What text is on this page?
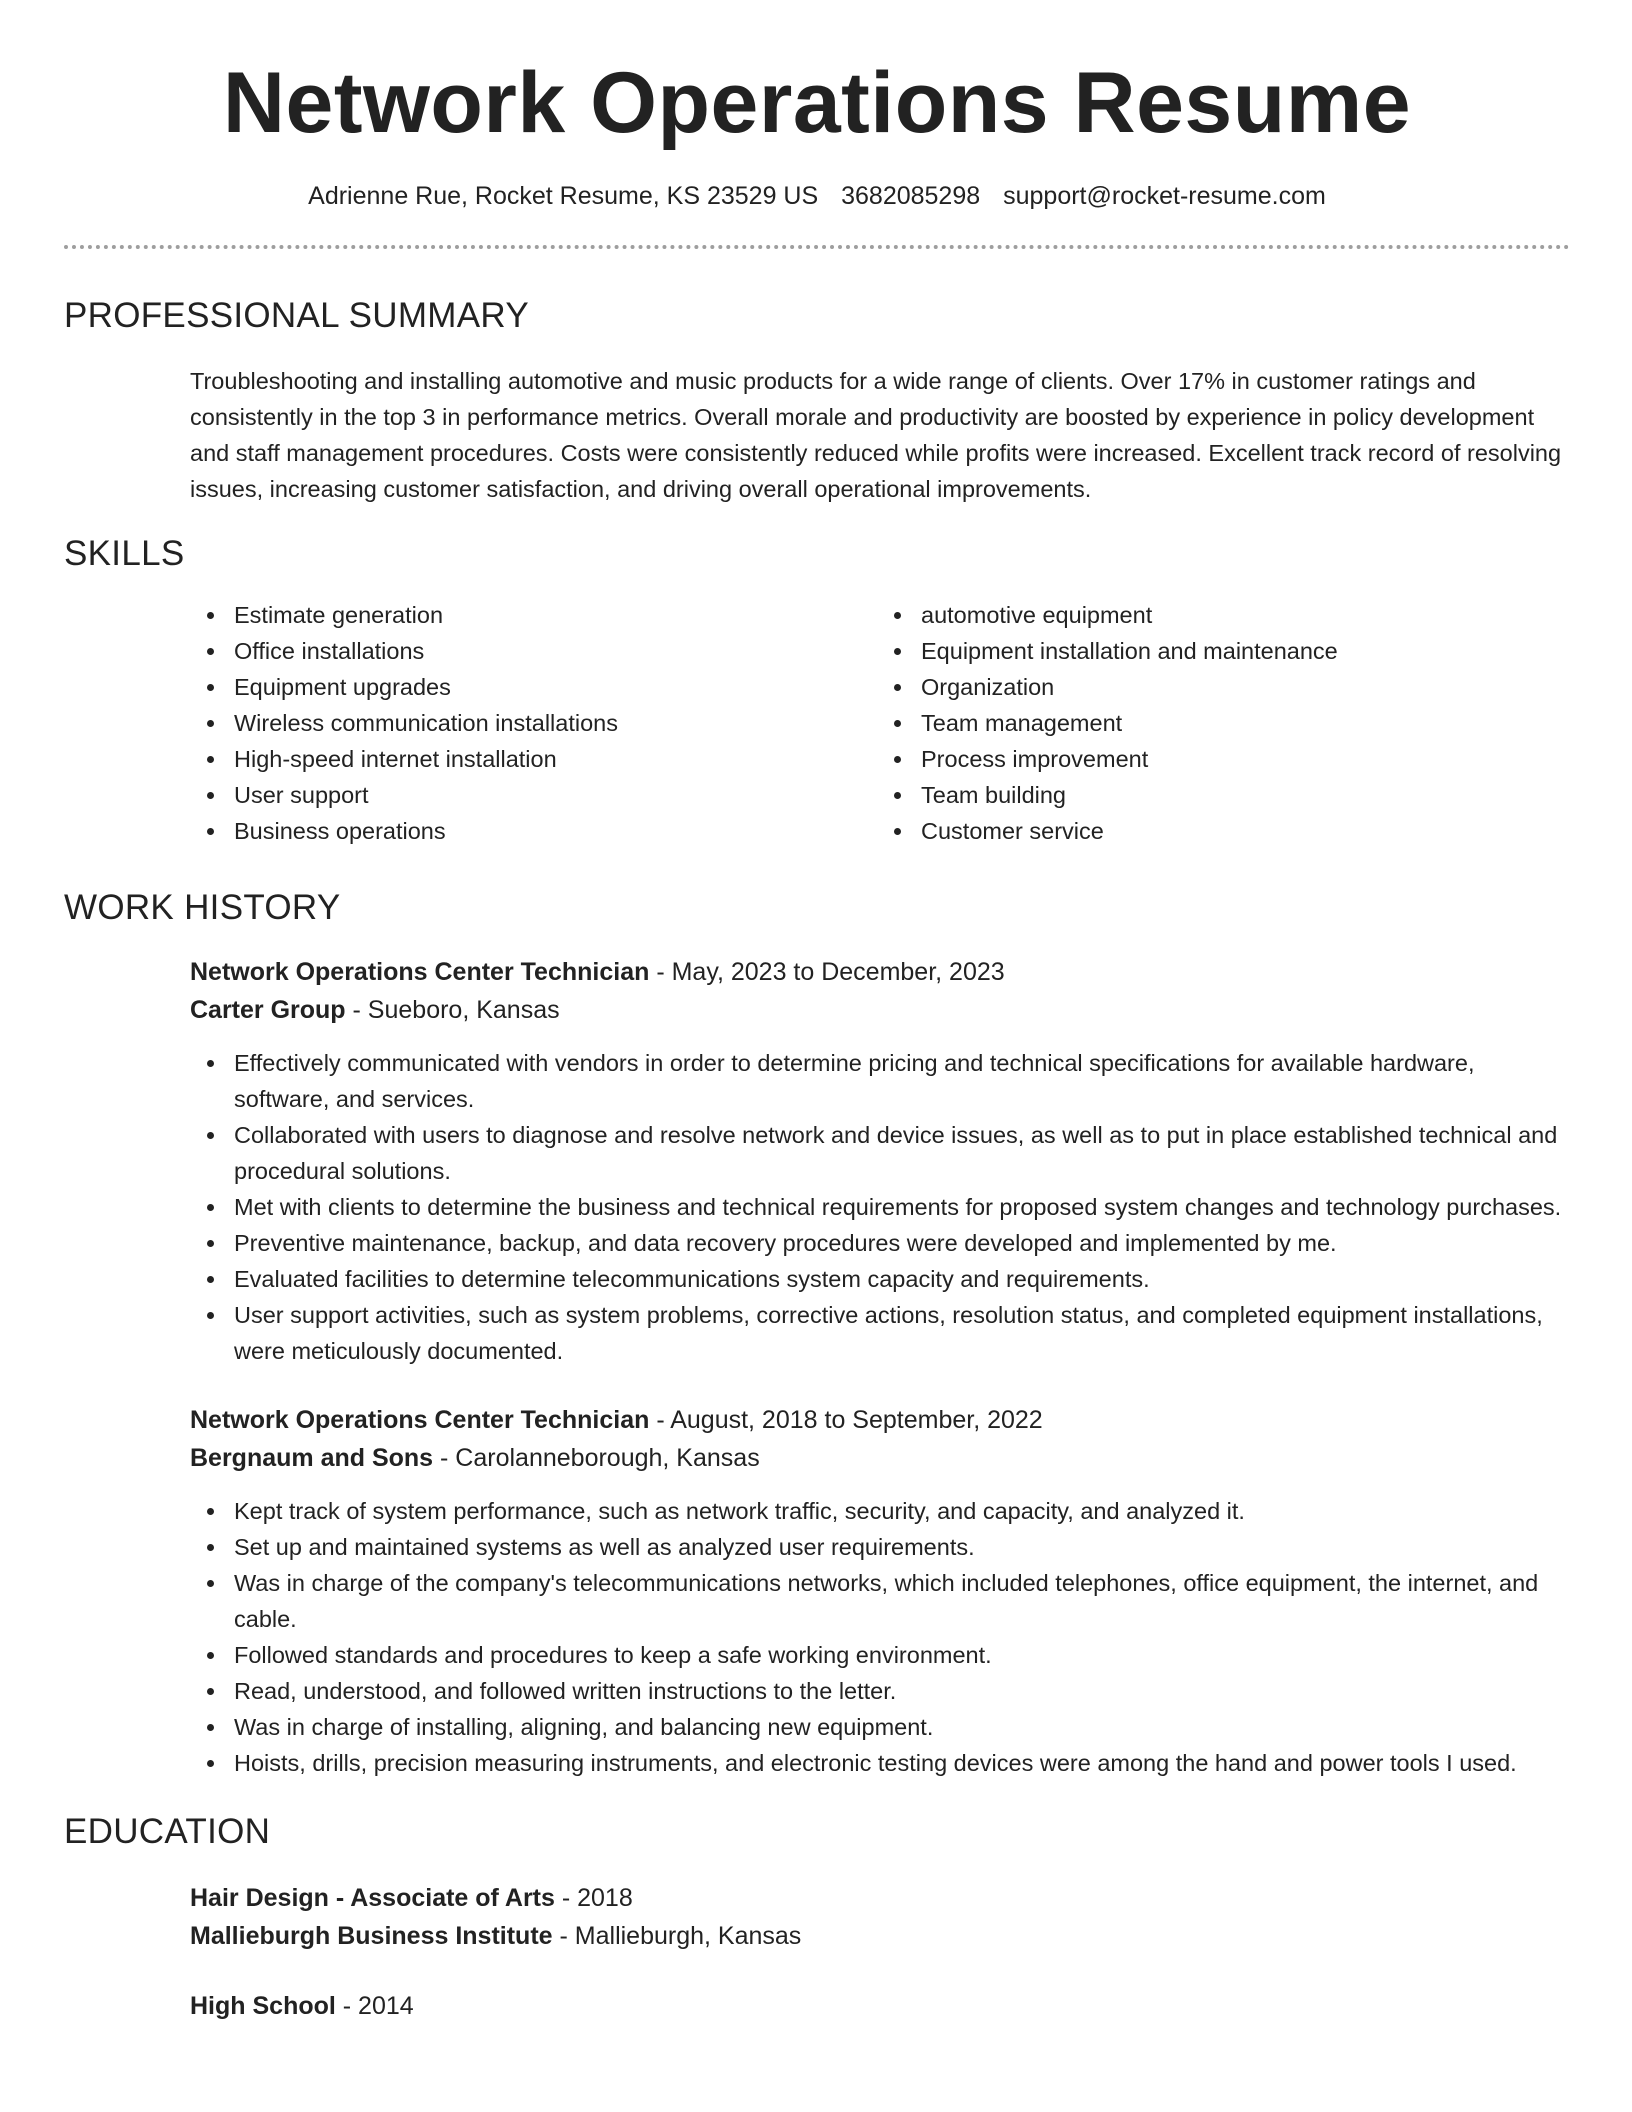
Network Operations Resume
Adrienne Rue, Rocket Resume, KS 23529 US 3682085298 support@rocket-resume.com
PROFESSIONAL SUMMARY
Troubleshooting and installing automotive and music products for a wide range of clients. Over 17% in customer ratings and consistently in the top 3 in performance metrics. Overall morale and productivity are boosted by experience in policy development and staff management procedures. Costs were consistently reduced while profits were increased. Excellent track record of resolving issues, increasing customer satisfaction, and driving overall operational improvements.
SKILLS
Estimate generation
Office installations
Equipment upgrades
Wireless communication installations
High-speed internet installation
User support
Business operations
automotive equipment
Equipment installation and maintenance
Organization
Team management
Process improvement
Team building
Customer service
WORK HISTORY
Network Operations Center Technician - May, 2023 to December, 2023
Carter Group - Sueboro, Kansas
Effectively communicated with vendors in order to determine pricing and technical specifications for available hardware, software, and services.
Collaborated with users to diagnose and resolve network and device issues, as well as to put in place established technical and procedural solutions.
Met with clients to determine the business and technical requirements for proposed system changes and technology purchases.
Preventive maintenance, backup, and data recovery procedures were developed and implemented by me.
Evaluated facilities to determine telecommunications system capacity and requirements.
User support activities, such as system problems, corrective actions, resolution status, and completed equipment installations, were meticulously documented.
Network Operations Center Technician - August, 2018 to September, 2022
Bergnaum and Sons - Carolanneborough, Kansas
Kept track of system performance, such as network traffic, security, and capacity, and analyzed it.
Set up and maintained systems as well as analyzed user requirements.
Was in charge of the company's telecommunications networks, which included telephones, office equipment, the internet, and cable.
Followed standards and procedures to keep a safe working environment.
Read, understood, and followed written instructions to the letter.
Was in charge of installing, aligning, and balancing new equipment.
Hoists, drills, precision measuring instruments, and electronic testing devices were among the hand and power tools I used.
EDUCATION
Hair Design - Associate of Arts - 2018
Mallieburgh Business Institute - Mallieburgh, Kansas
High School - 2014
